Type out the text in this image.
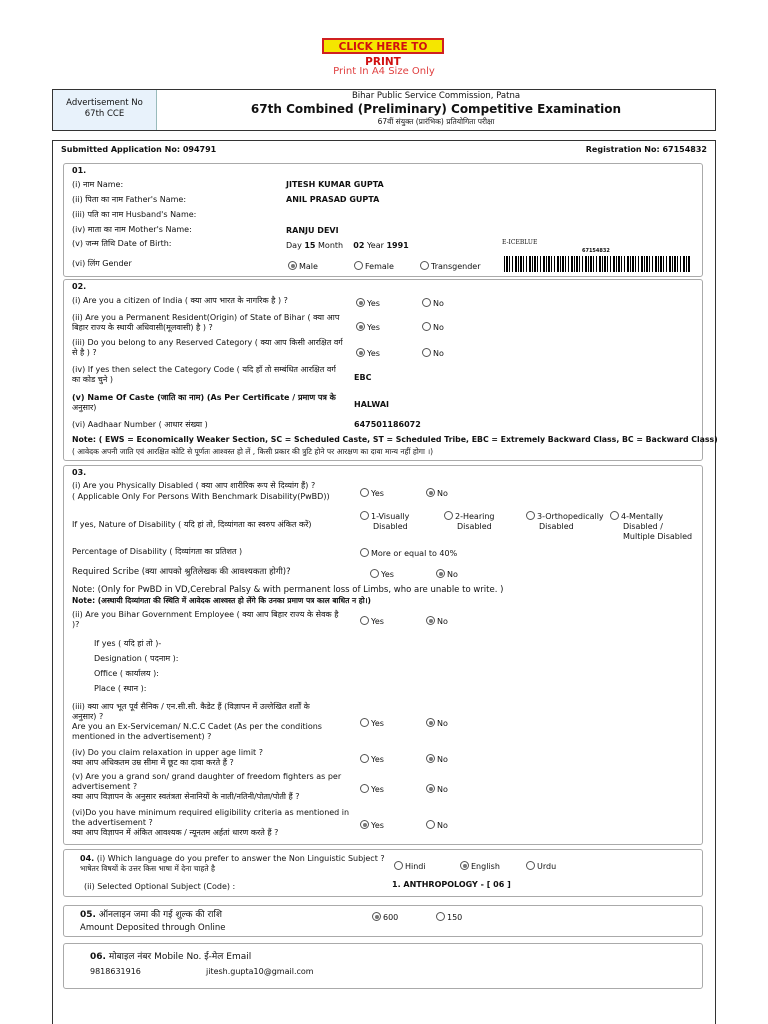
CLICK HERE TO PRINT
Print In A4 Size Only
Advertisement No
67th CCE
Bihar Public Service Commission, Patna
67th Combined (Preliminary) Competitive Examination
67वीं संयुक्त (प्रारंभिक) प्रतियोगिता परीक्षा
Submitted Application No: 094791	Registration No: 67154832
01.
(i) नाम Name:	JITESH KUMAR GUPTA
(ii) पिता का नाम Father's Name:	ANIL PRASAD GUPTA
(iii) पति का नाम Husband's Name:
(iv) माता का नाम Mother's Name:	RANJU DEVI
(v) जन्म तिथि Date of Birth:	Day 15 Month 02 Year 1991
(vi) लिंग Gender	Male	Female	Transgender
E-ICEBLUE
67154832
02.
(i) Are you a citizen of India ( क्या आप भारत के नागरिक है ) ?	Yes	No
(ii) Are you a Permanent Resident(Origin) of State of Bihar ( क्या आप
बिहार राज्य के स्थायी अधिवासी(मूलवासी) है ) ?	Yes	No
(iii) Do you belong to any Reserved Category ( क्या आप किसी आरक्षित वर्ग
से है ) ?	Yes	No
(iv) If yes then select the Category Code ( यदि हाँ तो सम्बंधित आरक्षित वर्ग
का कोड चुने )	EBC
(v) Name Of Caste (जाति का नाम) (As Per Certificate / प्रमाण पत्र के
अनुसार)	HALWAI
(vi) Aadhaar Number ( आधार संख्या )	647501186072
Note: ( EWS = Economically Weaker Section, SC = Scheduled Caste, ST = Scheduled Tribe, EBC = Extremely Backward Class, BC = Backward Class)
( आवेदक अपनी जाति एवं आरक्षित कोटि से पूर्णतः आश्वस्त हो लें , किसी प्रकार की त्रुटि होने पर आरक्षण का दावा मान्य नहीं होगा ।)
03.
(i) Are you Physically Disabled ( क्या आप शारीरिक रूप से दिव्यांग हैं) ?
( Applicable Only For Persons With Benchmark Disability(PwBD))	Yes	No
If yes, Nature of Disability ( यदि हां तो, दिव्यांगता का स्वरुप अंकित करें)
1-Visually
Disabled
2-Hearing
Disabled
3-Orthopedically
Disabled
4-Mentally
Disabled /
Multiple Disabled
Percentage of Disability ( दिव्यांगता का प्रतिशत )	More or equal to 40%
Required Scribe (क्या आपको श्रुतिलेखक की आवश्यकता होगी)?	Yes	No
Note: (Only for PwBD in VD,Cerebral Palsy & with permanent loss of Limbs, who are unable to write. )
Note: (अस्थायी दिव्यांगता की स्थिति में आवेदक आश्वस्त हो लेंगे कि उनका प्रमाण पत्र काल बाधित न हो।)
(ii) Are you Bihar Government Employee ( क्या आप बिहार राज्य के सेवक है
)?	Yes	No
If yes ( यदि हां तो )-
Designation ( पदनाम ):
Office ( कार्यालय ):
Place ( स्थान ):
(iii) क्या आप भूत पूर्व सैनिक / एन.सी.सी. कैडेट हैं (विज्ञापन में उल्लेखित शर्तों के
अनुसार) ?
Are you an Ex-Serviceman/ N.C.C Cadet (As per the conditions
mentioned in the advertisement) ?
Yes	No
(iv) Do you claim relaxation in upper age limit ?
क्या आप अधिकतम उम्र सीमा में छूट का दावा करते हैं ?	Yes	No
(v) Are you a grand son/ grand daughter of freedom fighters as per
advertisement ?
क्या आप विज्ञापन के अनुसार स्वतंत्रता सेनानियों के नाती/नतिनी/पोता/पोती हैं ?
Yes	No
(vi)Do you have minimum required eligibility criteria as mentioned in
the advertisement ?
क्या आप विज्ञापन में अंकित आवश्यक / न्यूनतम अर्हतां धारण करते हैं ?
Yes	No
04. (i) Which language do you prefer to answer the Non Linguistic Subject ?
भाषेतर विषयों के उत्तर किस भाषा में देना चाहते है	Hindi	English	Urdu
(ii) Selected Optional Subject (Code) :	1. ANTHROPOLOGY - [ 06 ]
05. ऑनलाइन जमा की गई शुल्क की राशि
Amount Deposited through Online
600	150
06. मोबाइल नंबर Mobile No. ई-मेल Email
9818631916	jitesh.gupta10@gmail.com
